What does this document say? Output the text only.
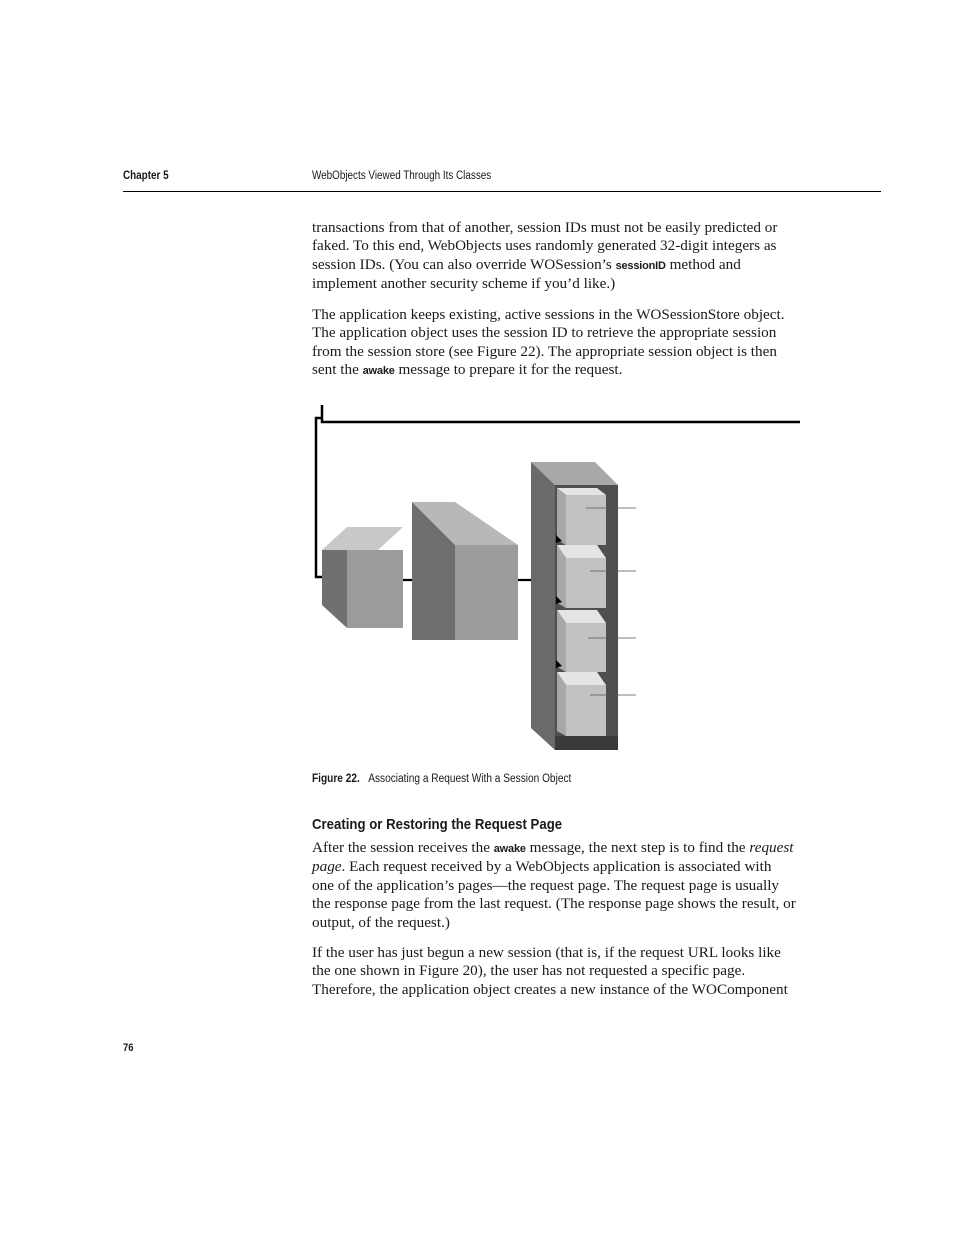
Chapter 5	WebObjects Viewed Through Its Classes

transactions from that of another, session IDs must not be easily predicted or faked. To this end, WebObjects uses randomly generated 32-digit integers as session IDs. (You can also override WOSession’s sessionID method and implement another security scheme if you’d like.)

The application keeps existing, active sessions in the WOSessionStore object. The application object uses the session ID to retrieve the appropriate session from the session store (see Figure 22). The appropriate session object is then sent the awake message to prepare it for the request.

Figure 22. Associating a Request With a Session Object
Creating or Restoring the Request Page

After the session receives the awake message, the next step is to find the request page. Each request received by a WebObjects application is associated with one of the application’s pages—the request page. The request page is usually the response page from the last request. (The response page shows the result, or output, of the request.)

If the user has just begun a new session (that is, if the request URL looks like the one shown in Figure 20), the user has not requested a specific page. Therefore, the application object creates a new instance of the WOComponent

76
